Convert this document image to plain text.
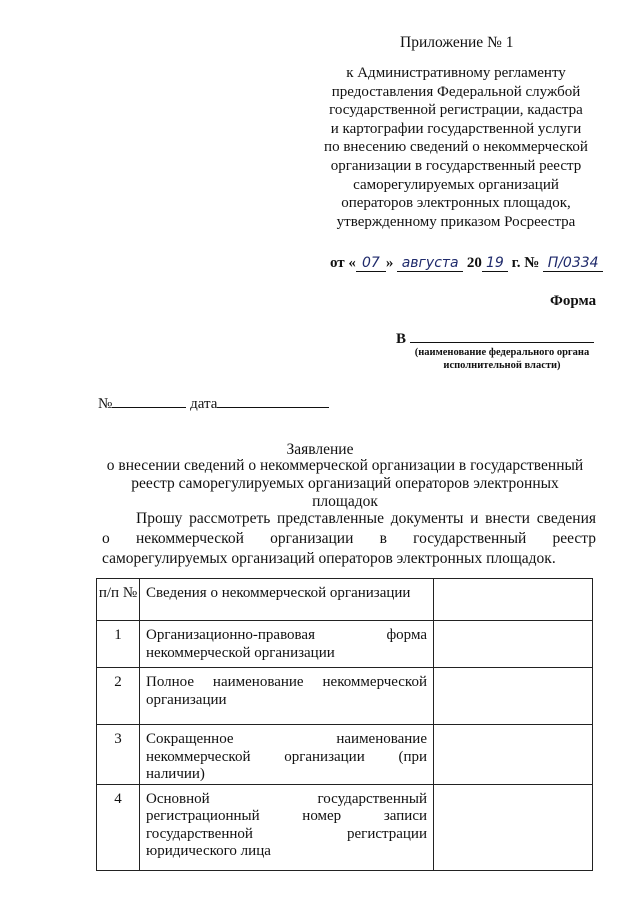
Приложение № 1
к Административному регламенту
предоставления Федеральной службой
государственной регистрации, кадастра
и картографии государственной услуги
по внесению сведений о некоммерческой
организации в государственный реестр
саморегулируемых организаций
операторов электронных площадок,
утвержденному приказом Росреестра
от « 07 » августа 20 19 г. № П/0334
Форма
В
(наименование федерального органа исполнительной власти)
№	дата
Заявление
о внесении сведений о некоммерческой организации в государственный реестр саморегулируемых организаций операторов электронных площадок
Прошу рассмотреть представленные документы и внести сведения
о некоммерческой организации в государственный реестр
саморегулируемых организаций операторов электронных площадок.
п/п №	Сведения о некоммерческой организации	

1	Организационно-правовая форма некоммерческой организации	

2	Полное наименование некоммерческой организации	

3	Сокращенное наименование некоммерческой организации (при наличии)	

4	Основной государственный регистрационный номер записи государственной регистрации юридического лица	
